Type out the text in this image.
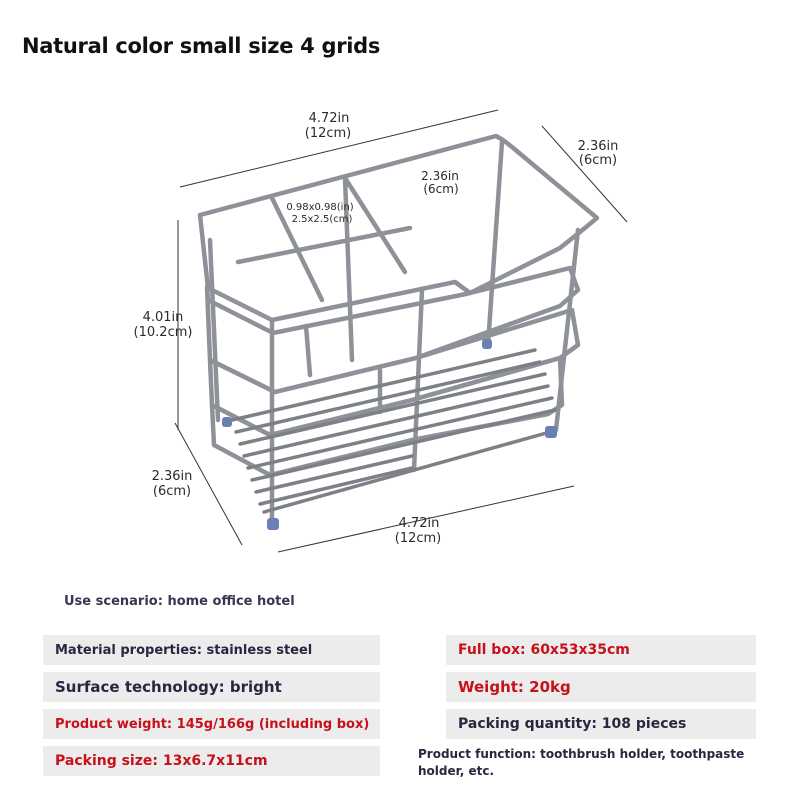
Natural color small size 4 grids
4.72in
(12cm)
2.36in
(6cm)
2.36in
(6cm)
0.98x0.98(in)
2.5x2.5(cm)
4.01in
(10.2cm)
2.36in
(6cm)
4.72in
(12cm)
Use scenario: home office hotel
Material properties: stainless steel
Surface technology: bright
Product weight: 145g/166g (including box)
Packing size: 13x6.7x11cm
Full box: 60x53x35cm
Weight: 20kg
Packing quantity: 108 pieces
Product function: toothbrush holder, toothpaste holder, etc.
